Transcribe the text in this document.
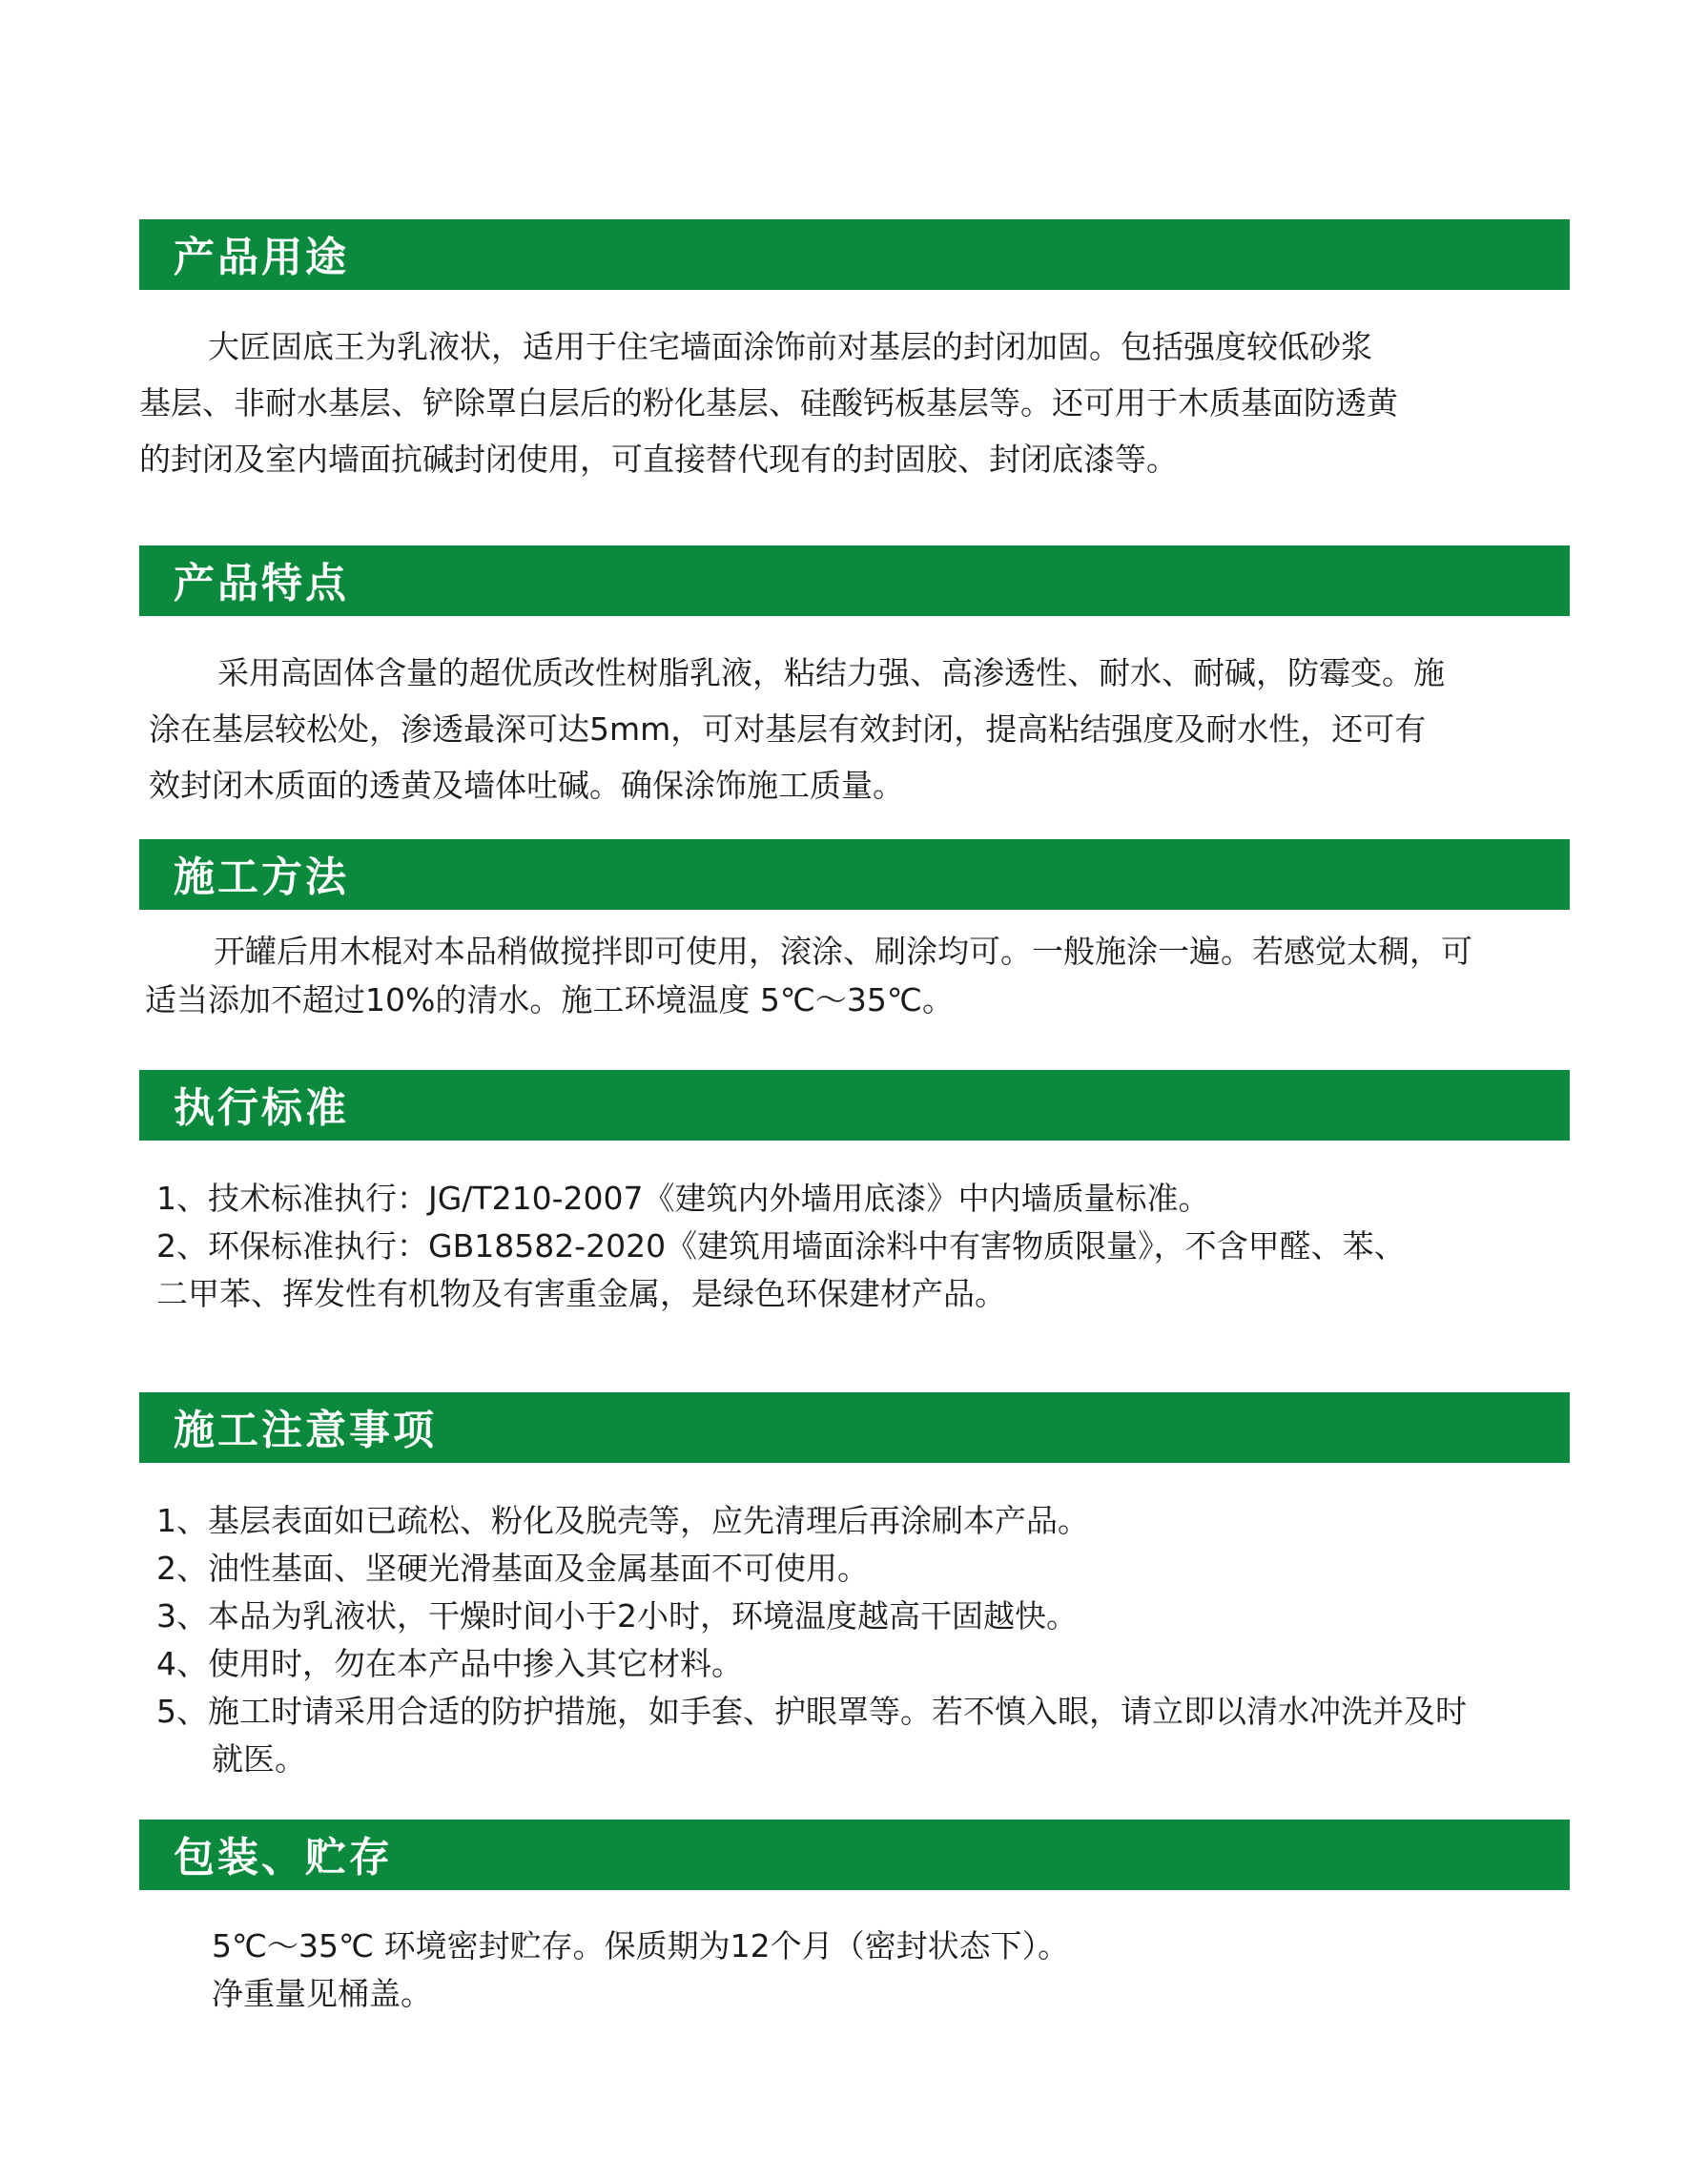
产品用途
大匠固底王为乳液状，适用于住宅墙面涂饰前对基层的封闭加固。包括强度较低砂浆
基层、非耐水基层、铲除罩白层后的粉化基层、硅酸钙板基层等。还可用于木质基面防透黄
的封闭及室内墙面抗碱封闭使用，可直接替代现有的封固胶、封闭底漆等。
产品特点
采用高固体含量的超优质改性树脂乳液，粘结力强、高渗透性、耐水、耐碱，防霉变。施
涂在基层较松处，渗透最深可达5mm，可对基层有效封闭，提高粘结强度及耐水性，还可有
效封闭木质面的透黄及墙体吐碱。确保涂饰施工质量。
施工方法
开罐后用木棍对本品稍做搅拌即可使用，滚涂、刷涂均可。一般施涂一遍。若感觉太稠，可
适当添加不超过10%的清水。施工环境温度 5℃～35℃。
执行标准
1、技术标准执行：JG/T210-2007《建筑内外墙用底漆》中内墙质量标准。
2、环保标准执行：GB18582-2020《建筑用墙面涂料中有害物质限量》，不含甲醛、苯、
二甲苯、挥发性有机物及有害重金属，是绿色环保建材产品。
施工注意事项
1、基层表面如已疏松、粉化及脱壳等，应先清理后再涂刷本产品。
2、油性基面、坚硬光滑基面及金属基面不可使用。
3、本品为乳液状，干燥时间小于2小时，环境温度越高干固越快。
4、使用时，勿在本产品中掺入其它材料。
5、施工时请采用合适的防护措施，如手套、护眼罩等。若不慎入眼，请立即以清水冲洗并及时
就医。
包装、贮存
5℃～35℃ 环境密封贮存。保质期为12个月（密封状态下）。
净重量见桶盖。
